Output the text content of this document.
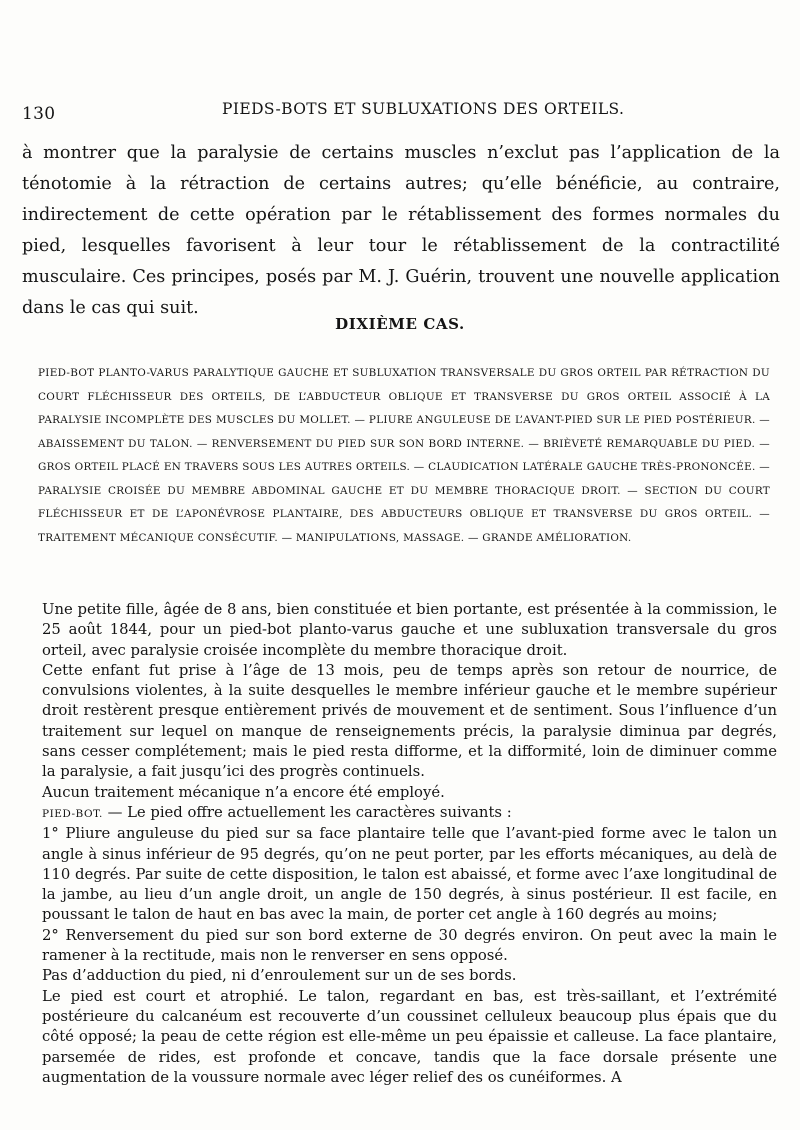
130	PIEDS-BOTS ET SUBLUXATIONS DES ORTEILS.
à montrer que la paralysie de certains muscles n’exclut pas l’application de la ténotomie à la rétraction de certains autres; qu’elle bénéficie, au contraire, indirectement de cette opération par le rétablissement des formes normales du pied, lesquelles favorisent à leur tour le rétablissement de la contractilité musculaire. Ces principes, posés par M. J. Guérin, trouvent une nouvelle application dans le cas qui suit.
DIXIÈME CAS.
PIED-BOT PLANTO-VARUS PARALYTIQUE GAUCHE ET SUBLUXATION TRANSVERSALE DU GROS ORTEIL PAR RÉTRACTION DU COURT FLÉCHISSEUR DES ORTEILS, DE L’ABDUCTEUR OBLIQUE ET TRANSVERSE DU GROS ORTEIL ASSOCIÉ À LA PARALYSIE INCOMPLÈTE DES MUSCLES DU MOLLET. — PLIURE ANGULEUSE DE L’AVANT-PIED SUR LE PIED POSTÉRIEUR. — ABAISSEMENT DU TALON. — RENVERSEMENT DU PIED SUR SON BORD INTERNE. — BRIÈVETÉ REMARQUABLE DU PIED. — GROS ORTEIL PLACÉ EN TRAVERS SOUS LES AUTRES ORTEILS. — CLAUDICATION LATÉRALE GAUCHE TRÈS-PRONONCÉE. — PARALYSIE CROISÉE DU MEMBRE ABDOMINAL GAUCHE ET DU MEMBRE THORACIQUE DROIT. — SECTION DU COURT FLÉCHISSEUR ET DE L’APONÉVROSE PLANTAIRE, DES ABDUCTEURS OBLIQUE ET TRANSVERSE DU GROS ORTEIL. — TRAITEMENT MÉCANIQUE CONSÉCUTIF. — MANIPULATIONS, MASSAGE. — GRANDE AMÉLIORATION.

Une petite fille, âgée de 8 ans, bien constituée et bien portante, est présentée à la commission, le 25 août 1844, pour un pied-bot planto-varus gauche et une subluxation transversale du gros orteil, avec paralysie croisée incomplète du membre thoracique droit.

Cette enfant fut prise à l’âge de 13 mois, peu de temps après son retour de nourrice, de convulsions violentes, à la suite desquelles le membre inférieur gauche et le membre supérieur droit restèrent presque entièrement privés de mouvement et de sentiment. Sous l’influence d’un traitement sur lequel on manque de renseignements précis, la paralysie diminua par degrés, sans cesser complétement; mais le pied resta difforme, et la difformité, loin de diminuer comme la paralysie, a fait jusqu’ici des progrès continuels.

Aucun traitement mécanique n’a encore été employé.

PIED-BOT. — Le pied offre actuellement les caractères suivants :

1° Pliure anguleuse du pied sur sa face plantaire telle que l’avant-pied forme avec le talon un angle à sinus inférieur de 95 degrés, qu’on ne peut porter, par les efforts mécaniques, au delà de 110 degrés. Par suite de cette disposition, le talon est abaissé, et forme avec l’axe longitudinal de la jambe, au lieu d’un angle droit, un angle de 150 degrés, à sinus postérieur. Il est facile, en poussant le talon de haut en bas avec la main, de porter cet angle à 160 degrés au moins;

2° Renversement du pied sur son bord externe de 30 degrés environ. On peut avec la main le ramener à la rectitude, mais non le renverser en sens opposé.

Pas d’adduction du pied, ni d’enroulement sur un de ses bords.

Le pied est court et atrophié. Le talon, regardant en bas, est très-saillant, et l’extrémité postérieure du calcanéum est recouverte d’un coussinet celluleux beaucoup plus épais que du côté opposé; la peau de cette région est elle-même un peu épaissie et calleuse. La face plantaire, parsemée de rides, est profonde et concave, tandis que la face dorsale présente une augmentation de la voussure normale avec léger relief des os cunéiformes. A
